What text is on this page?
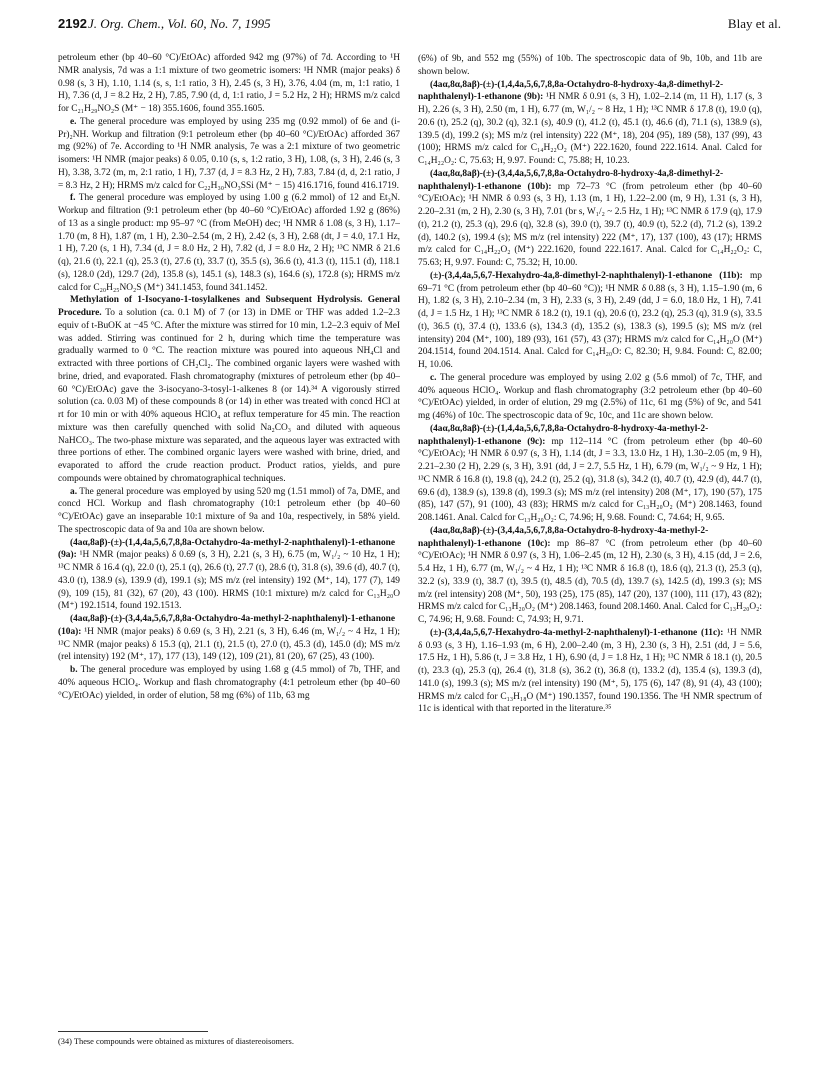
2192 J. Org. Chem., Vol. 60, No. 7, 1995	Blay et al.

petroleum ether (bp 40–60 °C)/EtOAc) afforded 942 mg (97%) of 7d. According to ¹H NMR analysis, 7d was a 1:1 mixture of two geometric isomers: ¹H NMR (major peaks) δ 0.98 (s, 3 H), 1.10, 1.14 (s, s, 1:1 ratio, 3 H), 2.45 (s, 3 H), 3.76, 4.04 (m, m, 1:1 ratio, 1 H), 7.36 (d, J = 8.2 Hz, 2 H), 7.85, 7.90 (d, d, 1:1 ratio, J = 5.2 Hz, 2 H); HRMS m/z calcd for C₂₁H₂₉NO₂S (M⁺ − 18) 355.1606, found 355.1605.

e. The general procedure was employed by using 235 mg (0.92 mmol) of 6e and (i-Pr)₂NH. Workup and filtration (9:1 petroleum ether (bp 40–60 °C)/EtOAc) afforded 367 mg (92%) of 7e. According to ¹H NMR analysis, 7e was a 2:1 mixture of two geometric isomers: ¹H NMR (major peaks) δ 0.05, 0.10 (s, s, 1:2 ratio, 3 H), 1.08, (s, 3 H), 2.46 (s, 3 H), 3.38, 3.72 (m, m, 2:1 ratio, 1 H), 7.37 (d, J = 8.3 Hz, 2 H), 7.83, 7.84 (d, d, 2:1 ratio, J = 8.3 Hz, 2 H); HRMS m/z calcd for C₂₂H₃₀NO₃SSi (M⁺ − 15) 416.1716, found 416.1719.

f. The general procedure was employed by using 1.00 g (6.2 mmol) of 12 and Et₃N. Workup and filtration (9:1 petroleum ether (bp 40–60 °C)/EtOAc) afforded 1.92 g (86%) of 13 as a single product: mp 95–97 °C (from MeOH) dec; ¹H NMR δ 1.08 (s, 3 H), 1.17–1.70 (m, 8 H), 1.87 (m, 1 H), 2.30–2.54 (m, 2 H), 2.42 (s, 3 H), 2.68 (dt, J = 4.0, 17.1 Hz, 1 H), 7.20 (s, 1 H), 7.34 (d, J = 8.0 Hz, 2 H), 7.82 (d, J = 8.0 Hz, 2 H); ¹³C NMR δ 21.6 (q), 21.6 (t), 22.1 (q), 25.3 (t), 27.6 (t), 33.7 (t), 35.5 (s), 36.6 (t), 41.3 (t), 115.1 (d), 118.1 (s), 128.0 (2d), 129.7 (2d), 135.8 (s), 145.1 (s), 148.3 (s), 164.6 (s), 172.8 (s); HRMS m/z calcd for C₂₀H₂₅NO₂S (M⁺) 341.1453, found 341.1452.

Methylation of 1-Isocyano-1-tosylalkenes and Subsequent Hydrolysis. General Procedure. To a solution (ca. 0.1 M) of 7 (or 13) in DME or THF was added 1.2–2.3 equiv of t-BuOK at −45 °C. After the mixture was stirred for 10 min, 1.2–2.3 equiv of MeI was added. Stirring was continued for 2 h, during which time the temperature was gradually warmed to 0 °C. The reaction mixture was poured into aqueous NH₄Cl and extracted with three portions of CH₂Cl₂. The combined organic layers were washed with brine, dried, and evaporated. Flash chromatography (mixtures of petroleum ether (bp 40–60 °C)/EtOAc) gave the 3-isocyano-3-tosyl-1-alkenes 8 (or 14).³⁴ A vigorously stirred solution (ca. 0.03 M) of these compounds 8 (or 14) in ether was treated with concd HCl at rt for 10 min or with 40% aqueous HClO₄ at reflux temperature for 45 min. The reaction mixture was then carefully quenched with solid Na₂CO₃ and diluted with aqueous NaHCO₃. The two-phase mixture was separated, and the aqueous layer was extracted with three portions of ether. The combined organic layers were washed with brine, dried, and evaporated to afford the crude reaction product. Product ratios, yields, and pure compounds were obtained by chromatographical techniques.

a. The general procedure was employed by using 520 mg (1.51 mmol) of 7a, DME, and concd HCl. Workup and flash chromatography (10:1 petroleum ether (bp 40–60 °C)/EtOAc) gave an inseparable 10:1 mixture of 9a and 10a, respectively, in 58% yield. The spectroscopic data of 9a and 10a are shown below.

(4aα,8aβ)-(±)-(1,4,4a,5,6,7,8,8a-Octahydro-4a-methyl-2-naphthalenyl)-1-ethanone (9a): ¹H NMR (major peaks) δ 0.69 (s, 3 H), 2.21 (s, 3 H), 6.75 (m, W₁/₂ ~ 10 Hz, 1 H); ¹³C NMR δ 16.4 (q), 22.0 (t), 25.1 (q), 26.6 (t), 27.7 (t), 28.6 (t), 31.8 (s), 39.6 (d), 40.7 (t), 43.0 (t), 138.9 (s), 139.9 (d), 199.1 (s); MS m/z (rel intensity) 192 (M⁺, 14), 177 (7), 149 (9), 109 (15), 81 (32), 67 (20), 43 (100). HRMS (10:1 mixture) m/z calcd for C₁₃H₂₀O (M⁺) 192.1514, found 192.1513.

(4aα,8aβ)-(±)-(3,4,4a,5,6,7,8,8a-Octahydro-4a-methyl-2-naphthalenyl)-1-ethanone (10a): ¹H NMR (major peaks) δ 0.69 (s, 3 H), 2.21 (s, 3 H), 6.46 (m, W₁/₂ ~ 4 Hz, 1 H); ¹³C NMR (major peaks) δ 15.3 (q), 21.1 (t), 21.5 (t), 27.0 (t), 45.3 (d), 145.0 (d); MS m/z (rel intensity) 192 (M⁺, 17), 177 (13), 149 (12), 109 (21), 81 (20), 67 (25), 43 (100).

b. The general procedure was employed by using 1.68 g (4.5 mmol) of 7b, THF, and 40% aqueous HClO₄. Workup and flash chromatography (4:1 petroleum ether (bp 40–60 °C)/EtOAc) yielded, in order of elution, 58 mg (6%) of 11b, 63 mg

(34) These compounds were obtained as mixtures of diastereoisomers.

(6%) of 9b, and 552 mg (55%) of 10b. The spectroscopic data of 9b, 10b, and 11b are shown below.

(4aα,8α,8aβ)-(±)-(1,4,4a,5,6,7,8,8a-Octahydro-8-hydroxy-4a,8-dimethyl-2-naphthalenyl)-1-ethanone (9b): ¹H NMR δ 0.91 (s, 3 H), 1.02–2.14 (m, 11 H), 1.17 (s, 3 H), 2.26 (s, 3 H), 2.50 (m, 1 H), 6.77 (m, W₁/₂ ~ 8 Hz, 1 H); ¹³C NMR δ 17.8 (t), 19.0 (q), 20.6 (t), 25.2 (q), 30.2 (q), 32.1 (s), 40.9 (t), 41.2 (t), 45.1 (t), 46.6 (d), 71.1 (s), 138.9 (s), 139.5 (d), 199.2 (s); MS m/z (rel intensity) 222 (M⁺, 18), 204 (95), 189 (58), 137 (99), 43 (100); HRMS m/z calcd for C₁₄H₂₂O₂ (M⁺) 222.1620, found 222.1614. Anal. Calcd for C₁₄H₂₂O₂: C, 75.63; H, 9.97. Found: C, 75.88; H, 10.23.

(4aα,8α,8aβ)-(±)-(3,4,4a,5,6,7,8,8a-Octahydro-8-hydroxy-4a,8-dimethyl-2-naphthalenyl)-1-ethanone (10b): mp 72–73 °C (from petroleum ether (bp 40–60 °C)/EtOAc); ¹H NMR δ 0.93 (s, 3 H), 1.13 (m, 1 H), 1.22–2.00 (m, 9 H), 1.31 (s, 3 H), 2.20–2.31 (m, 2 H), 2.30 (s, 3 H), 7.01 (br s, W₁/₂ ~ 2.5 Hz, 1 H); ¹³C NMR δ 17.9 (q), 17.9 (t), 21.2 (t), 25.3 (q), 29.6 (q), 32.8 (s), 39.0 (t), 39.7 (t), 40.9 (t), 52.2 (d), 71.2 (s), 139.2 (d), 140.2 (s), 199.4 (s); MS m/z (rel intensity) 222 (M⁺, 17), 137 (100), 43 (17); HRMS m/z calcd for C₁₄H₂₂O₂ (M⁺) 222.1620, found 222.1617. Anal. Calcd for C₁₄H₂₂O₂: C, 75.63; H, 9.97. Found: C, 75.32; H, 10.00.

(±)-(3,4,4a,5,6,7-Hexahydro-4a,8-dimethyl-2-naphthalenyl)-1-ethanone (11b): mp 69–71 °C (from petroleum ether (bp 40–60 °C)); ¹H NMR δ 0.88 (s, 3 H), 1.15–1.90 (m, 6 H), 1.82 (s, 3 H), 2.10–2.34 (m, 3 H), 2.33 (s, 3 H), 2.49 (dd, J = 6.0, 18.0 Hz, 1 H), 7.41 (d, J = 1.5 Hz, 1 H); ¹³C NMR δ 18.2 (t), 19.1 (q), 20.6 (t), 23.2 (q), 25.3 (q), 31.9 (s), 33.5 (t), 36.5 (t), 37.4 (t), 133.6 (s), 134.3 (d), 135.2 (s), 138.3 (s), 199.5 (s); MS m/z (rel intensity) 204 (M⁺, 100), 189 (93), 161 (57), 43 (37); HRMS m/z calcd for C₁₄H₂₀O (M⁺) 204.1514, found 204.1514. Anal. Calcd for C₁₄H₂₀O: C, 82.30; H, 9.84. Found: C, 82.00; H, 10.06.

c. The general procedure was employed by using 2.02 g (5.6 mmol) of 7c, THF, and 40% aqueous HClO₄. Workup and flash chromatography (3:2 petroleum ether (bp 40–60 °C)/EtOAc) yielded, in order of elution, 29 mg (2.5%) of 11c, 61 mg (5%) of 9c, and 541 mg (46%) of 10c. The spectroscopic data of 9c, 10c, and 11c are shown below.

(4aα,8α,8aβ)-(±)-(1,4,4a,5,6,7,8,8a-Octahydro-8-hydroxy-4a-methyl-2-naphthalenyl)-1-ethanone (9c): mp 112–114 °C (from petroleum ether (bp 40–60 °C)/EtOAc); ¹H NMR δ 0.97 (s, 3 H), 1.14 (dt, J = 3.3, 13.0 Hz, 1 H), 1.30–2.05 (m, 9 H), 2.21–2.30 (2 H), 2.29 (s, 3 H), 3.91 (dd, J = 2.7, 5.5 Hz, 1 H), 6.79 (m, W₁/₂ ~ 9 Hz, 1 H); ¹³C NMR δ 16.8 (t), 19.8 (q), 24.2 (t), 25.2 (q), 31.8 (s), 34.2 (t), 40.7 (t), 42.9 (d), 44.7 (t), 69.6 (d), 138.9 (s), 139.8 (d), 199.3 (s); MS m/z (rel intensity) 208 (M⁺, 17), 190 (57), 175 (85), 147 (57), 91 (100), 43 (83); HRMS m/z calcd for C₁₃H₂₀O₂ (M⁺) 208.1463, found 208.1461. Anal. Calcd for C₁₃H₂₀O₂: C, 74.96; H, 9.68. Found: C, 74.64; H, 9.65.

(4aα,8α,8aβ)-(±)-(3,4,4a,5,6,7,8,8a-Octahydro-8-hydroxy-4a-methyl-2-naphthalenyl)-1-ethanone (10c): mp 86–87 °C (from petroleum ether (bp 40–60 °C)/EtOAc); ¹H NMR δ 0.97 (s, 3 H), 1.06–2.45 (m, 12 H), 2.30 (s, 3 H), 4.15 (dd, J = 2.6, 5.4 Hz, 1 H), 6.77 (m, W₁/₂ ~ 4 Hz, 1 H); ¹³C NMR δ 16.8 (t), 18.6 (q), 21.3 (t), 25.3 (q), 32.2 (s), 33.9 (t), 38.7 (t), 39.5 (t), 48.5 (d), 70.5 (d), 139.7 (s), 142.5 (d), 199.3 (s); MS m/z (rel intensity) 208 (M⁺, 50), 193 (25), 175 (85), 147 (20), 137 (100), 111 (17), 43 (82); HRMS m/z calcd for C₁₃H₂₀O₂ (M⁺) 208.1463, found 208.1460. Anal. Calcd for C₁₃H₂₀O₂: C, 74.96; H, 9.68. Found: C, 74.93; H, 9.71.

(±)-(3,4,4a,5,6,7-Hexahydro-4a-methyl-2-naphthalenyl)-1-ethanone (11c): ¹H NMR δ 0.93 (s, 3 H), 1.16–1.93 (m, 6 H), 2.00–2.40 (m, 3 H), 2.30 (s, 3 H), 2.51 (dd, J = 5.6, 17.5 Hz, 1 H), 5.86 (t, J = 3.8 Hz, 1 H), 6.90 (d, J = 1.8 Hz, 1 H); ¹³C NMR δ 18.1 (t), 20.5 (t), 23.3 (q), 25.3 (q), 26.4 (t), 31.8 (s), 36.2 (t), 36.8 (t), 133.2 (d), 135.4 (s), 139.3 (d), 141.0 (s), 199.3 (s); MS m/z (rel intensity) 190 (M⁺, 5), 175 (6), 147 (8), 91 (4), 43 (100); HRMS m/z calcd for C₁₃H₁₈O (M⁺) 190.1357, found 190.1356. The ¹H NMR spectrum of 11c is identical with that reported in the literature.³⁵
